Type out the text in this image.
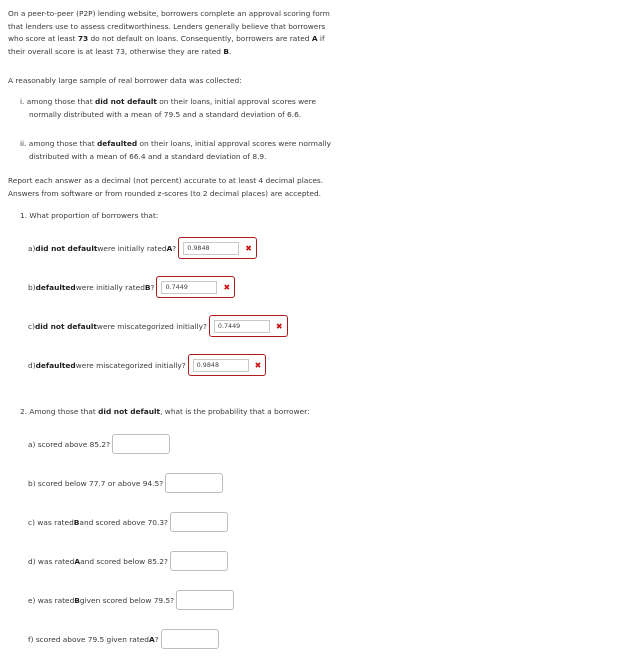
On a peer-to-peer (P2P) lending website, borrowers complete an approval scoring form

that lenders use to assess creditworthiness. Lenders generally believe that borrowers

who score at least 73 do not default on loans. Consequently, borrowers are rated A if

their overall score is at least 73, otherwise they are rated B.

A reasonably large sample of real borrower data was collected:

i. among those that did not default on their loans, initial approval scores were

normally distributed with a mean of 79.5 and a standard deviation of 6.6.

ii. among those that defaulted on their loans, initial approval scores were normally

distributed with a mean of 66.4 and a standard deviation of 8.9.

Report each answer as a decimal (not percent) accurate to at least 4 decimal places.

Answers from software or from rounded z-scores (to 2 decimal places) are accepted.

1. What proportion of borrowers that:
a) did not default were initially rated A ?	0.9848	✖
b) defaulted were initially rated B ?	0.7449	✖
c) did not default were miscategorized initially?	0.7449	✖
d) defaulted were miscategorized initially?	0.9848	✖
2. Among those that did not default, what is the probability that a borrower:
a) scored above 85.2?
b) scored below 77.7 or above 94.5?
c) was rated B and scored above 70.3?
d) was rated A and scored below 85.2?
e) was rated B given scored below 79.5?
f) scored above 79.5 given rated A ?
